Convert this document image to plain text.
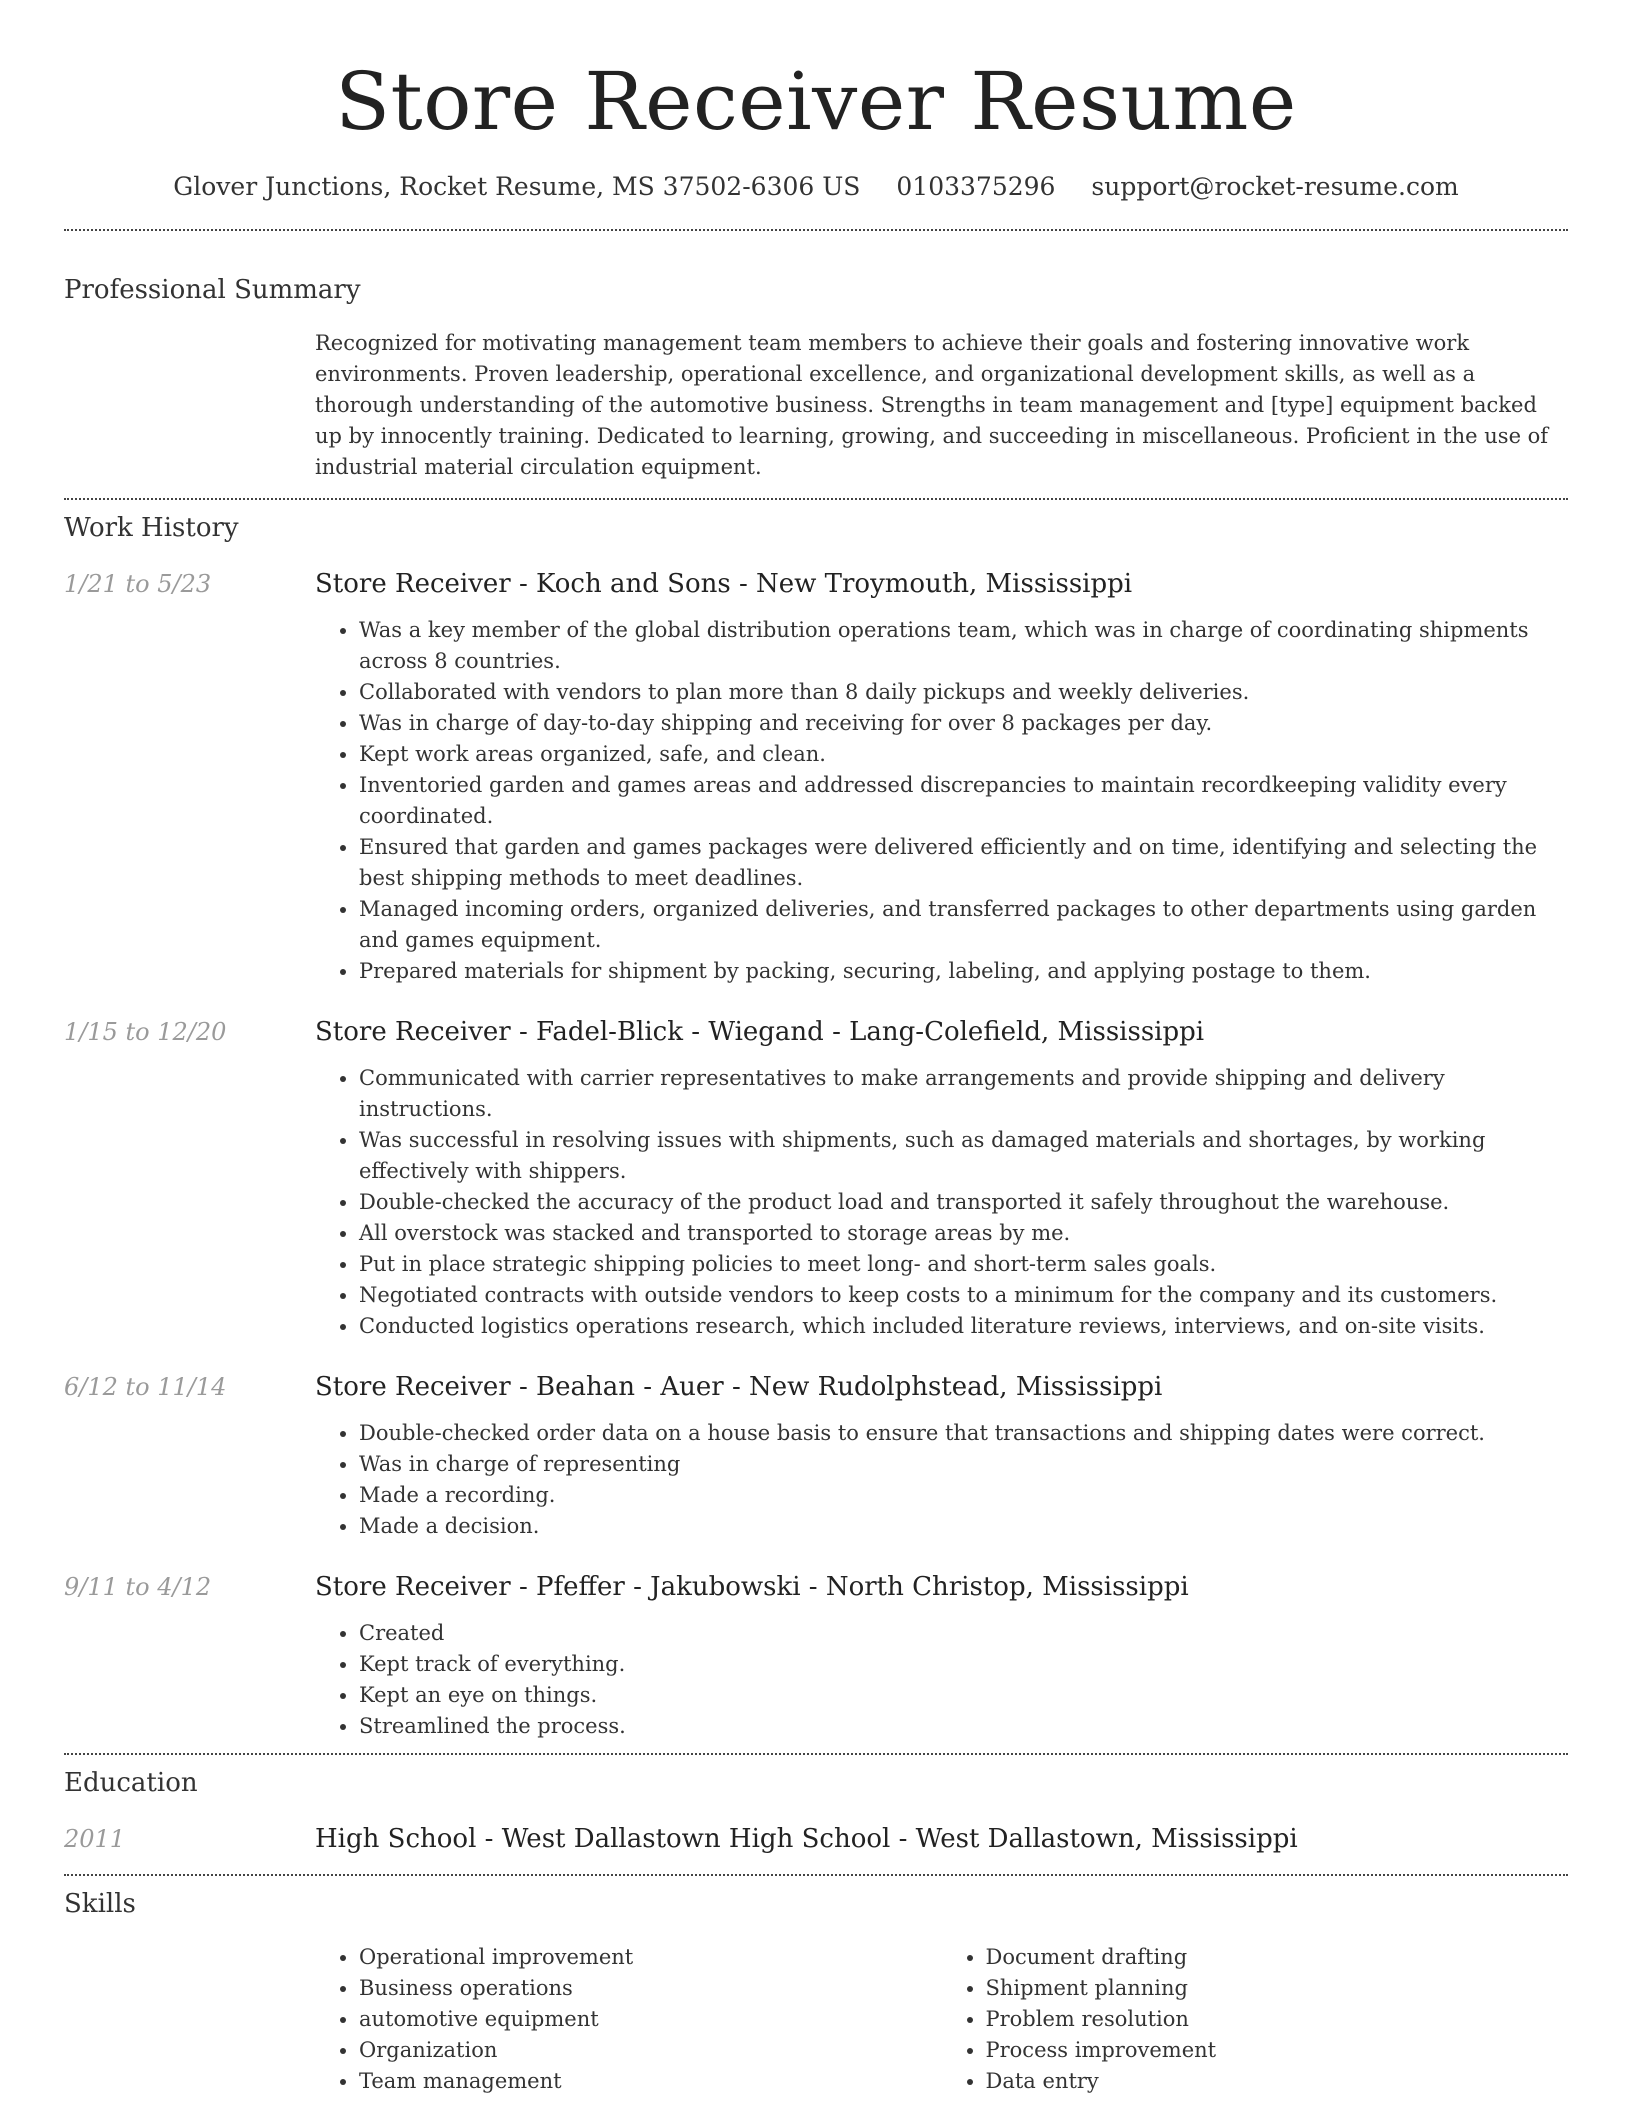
Store Receiver Resume
Glover Junctions, Rocket Resume, MS 37502-6306 US 0103375296 support@rocket-resume.com
Professional Summary
Recognized for motivating management team members to achieve their goals and fostering innovative work environments. Proven leadership, operational excellence, and organizational development skills, as well as a thorough understanding of the automotive business. Strengths in team management and [type] equipment backed up by innocently training. Dedicated to learning, growing, and succeeding in miscellaneous. Proficient in the use of industrial material circulation equipment.
Work History
1/21 to 5/23	Store Receiver - Koch and Sons - New Troymouth, Mississippi
• Was a key member of the global distribution operations team, which was in charge of coordinating shipments across 8 countries.
• Collaborated with vendors to plan more than 8 daily pickups and weekly deliveries.
• Was in charge of day-to-day shipping and receiving for over 8 packages per day.
• Kept work areas organized, safe, and clean.
• Inventoried garden and games areas and addressed discrepancies to maintain recordkeeping validity every coordinated.
• Ensured that garden and games packages were delivered efficiently and on time, identifying and selecting the best shipping methods to meet deadlines.
• Managed incoming orders, organized deliveries, and transferred packages to other departments using garden and games equipment.
• Prepared materials for shipment by packing, securing, labeling, and applying postage to them.
1/15 to 12/20	Store Receiver - Fadel-Blick - Wiegand - Lang-Colefield, Mississippi
• Communicated with carrier representatives to make arrangements and provide shipping and delivery instructions.
• Was successful in resolving issues with shipments, such as damaged materials and shortages, by working effectively with shippers.
• Double-checked the accuracy of the product load and transported it safely throughout the warehouse.
• All overstock was stacked and transported to storage areas by me.
• Put in place strategic shipping policies to meet long- and short-term sales goals.
• Negotiated contracts with outside vendors to keep costs to a minimum for the company and its customers.
• Conducted logistics operations research, which included literature reviews, interviews, and on-site visits.
6/12 to 11/14	Store Receiver - Beahan - Auer - New Rudolphstead, Mississippi
• Double-checked order data on a house basis to ensure that transactions and shipping dates were correct.
• Was in charge of representing
• Made a recording.
• Made a decision.
9/11 to 4/12	Store Receiver - Pfeffer - Jakubowski - North Christop, Mississippi
• Created
• Kept track of everything.
• Kept an eye on things.
• Streamlined the process.
Education
2011	High School - West Dallastown High School - West Dallastown, Mississippi
Skills
• Operational improvement
• Business operations
• automotive equipment
• Organization
• Team management
• Document drafting
• Shipment planning
• Problem resolution
• Process improvement
• Data entry
